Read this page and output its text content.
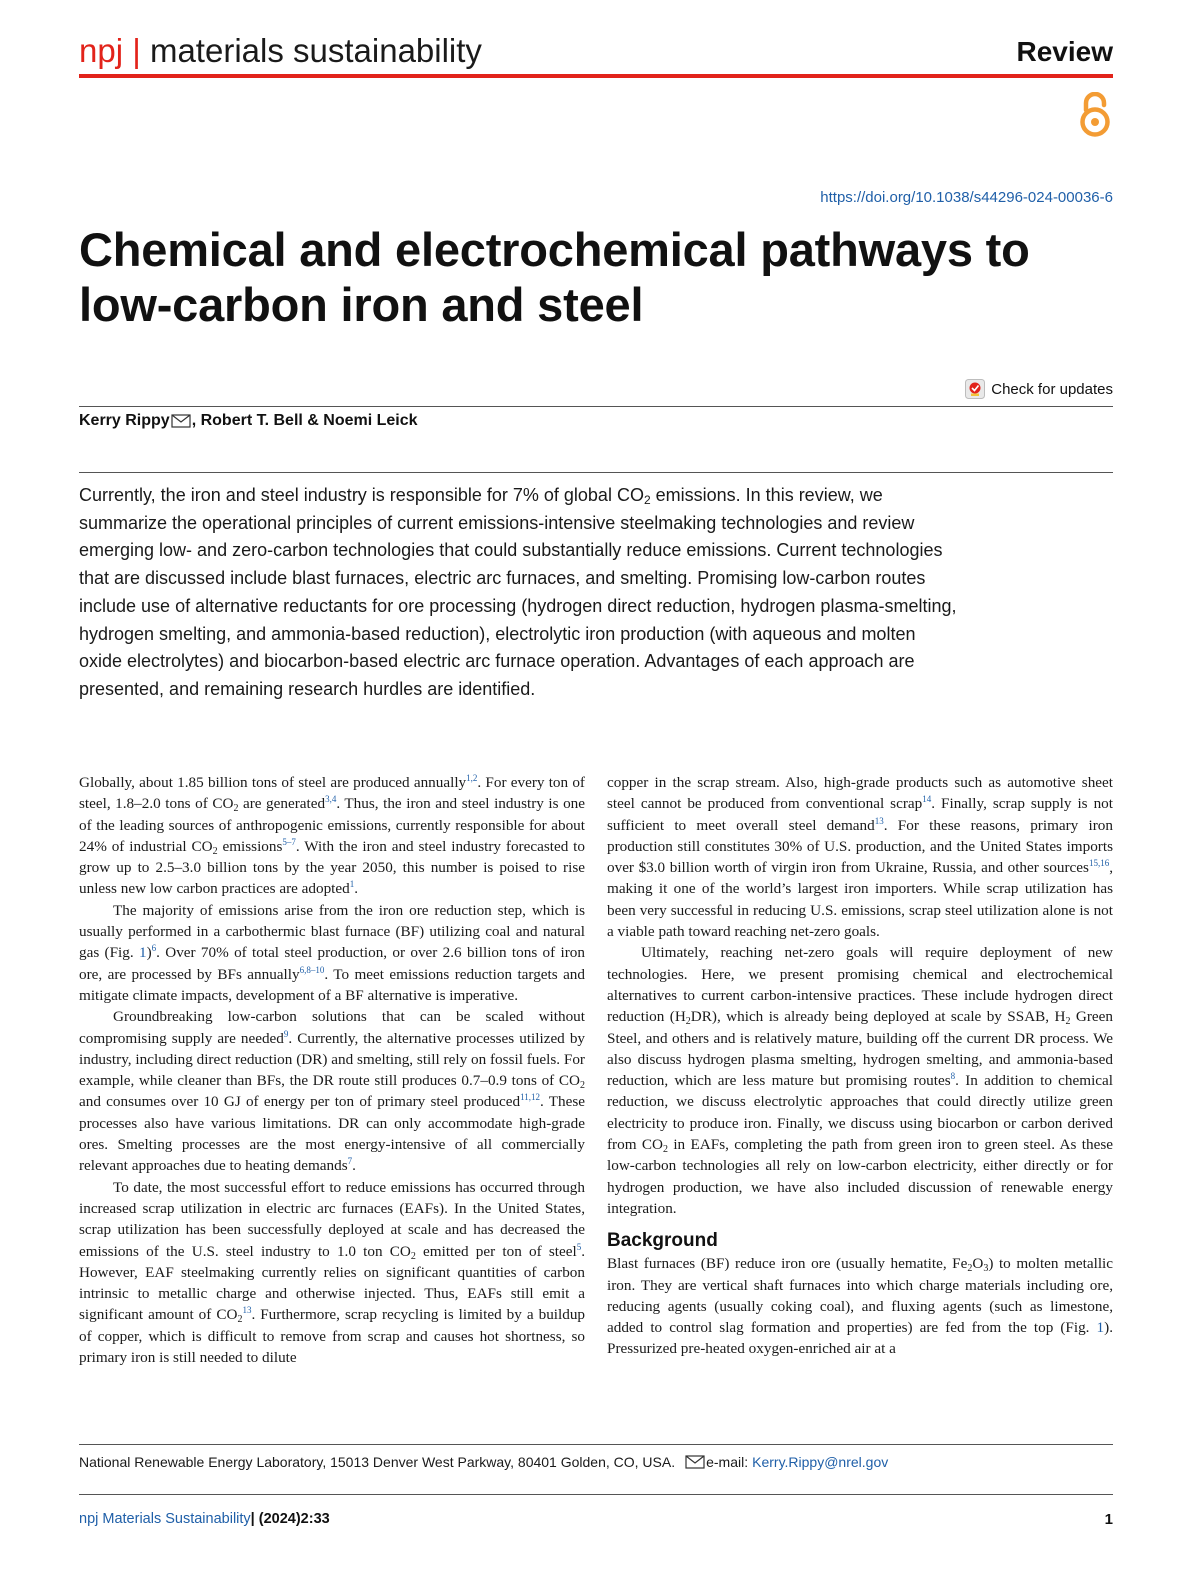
npj | materials sustainability	Review
https://doi.org/10.1038/s44296-024-00036-6
Chemical and electrochemical pathways to low-carbon iron and steel
Check for updates
Kerry Rippy , Robert T. Bell & Noemi Leick

Currently, the iron and steel industry is responsible for 7% of global $CO_2$ emissions. In this review, we summarize the operational principles of current emissions-intensive steelmaking technologies and review emerging low- and zero-carbon technologies that could substantially reduce emissions. Current technologies that are discussed include blast furnaces, electric arc furnaces, and smelting. Promising low-carbon routes include use of alternative reductants for ore processing (hydrogen direct reduction, hydrogen plasma-smelting, hydrogen smelting, and ammonia-based reduction), electrolytic iron production (with aqueous and molten oxide electrolytes) and biocarbon-based electric arc furnace operation. Advantages of each approach are presented, and remaining research hurdles are identified.

Globally, about 1.85 billion tons of steel are produced annually$^{1,2}$. For every ton of steel, 1.8–2.0 tons of $CO_2$ are generated$^{3,4}$. Thus, the iron and steel industry is one of the leading sources of anthropogenic emissions, currently responsible for about 24% of industrial $CO_2$ emissions$^{5-7}$. With the iron and steel industry forecasted to grow up to 2.5–3.0 billion tons by the year 2050, this number is poised to rise unless new low carbon practices are adopted$^1$.

The majority of emissions arise from the iron ore reduction step, which is usually performed in a carbothermic blast furnace (BF) utilizing coal and natural gas (Fig. 1)$^6$. Over 70% of total steel production, or over 2.6 billion tons of iron ore, are processed by BFs annually$^{6,8-10}$. To meet emissions reduction targets and mitigate climate impacts, development of a BF alternative is imperative.

Groundbreaking low-carbon solutions that can be scaled without compromising supply are needed$^9$. Currently, the alternative processes utilized by industry, including direct reduction (DR) and smelting, still rely on fossil fuels. For example, while cleaner than BFs, the DR route still produces 0.7–0.9 tons of $CO_2$ and consumes over 10 GJ of energy per ton of primary steel produced$^{11,12}$. These processes also have various limitations. DR can only accommodate high-grade ores. Smelting processes are the most energy-intensive of all commercially relevant approaches due to heating demands$^7$.

To date, the most successful effort to reduce emissions has occurred through increased scrap utilization in electric arc furnaces (EAFs). In the United States, scrap utilization has been successfully deployed at scale and has decreased the emissions of the U.S. steel industry to 1.0 ton $CO_2$ emitted per ton of steel$^5$. However, EAF steelmaking currently relies on significant quantities of carbon intrinsic to metallic charge and otherwise injected. Thus, EAFs still emit a significant amount of $CO_2^{13}$. Furthermore, scrap recycling is limited by a buildup of copper, which is difficult to remove from scrap and causes hot shortness, so primary iron is still needed to dilute

copper in the scrap stream. Also, high-grade products such as automotive sheet steel cannot be produced from conventional scrap$^{14}$. Finally, scrap supply is not sufficient to meet overall steel demand$^{13}$. For these reasons, primary iron production still constitutes 30% of U.S. production, and the United States imports over $3.0 billion worth of virgin iron from Ukraine, Russia, and other sources$^{15,16}$, making it one of the world’s largest iron importers. While scrap utilization has been very successful in reducing U.S. emissions, scrap steel utilization alone is not a viable path toward reaching net-zero goals.

Ultimately, reaching net-zero goals will require deployment of new technologies. Here, we present promising chemical and electrochemical alternatives to current carbon-intensive practices. These include hydrogen direct reduction $(H_2DR)$, which is already being deployed at scale by SSAB, $H_2$ Green Steel, and others and is relatively mature, building off the current DR process. We also discuss hydrogen plasma smelting, hydrogen smelting, and ammonia-based reduction, which are less mature but promising routes$^8$. In addition to chemical reduction, we discuss electrolytic approaches that could directly utilize green electricity to produce iron. Finally, we discuss using biocarbon or carbon derived from $CO_2$ in EAFs, completing the path from green iron to green steel. As these low-carbon technologies all rely on low-carbon electricity, either directly or for hydrogen production, we have also included discussion of renewable energy integration.

Background

Blast furnaces (BF) reduce iron ore (usually hematite, $Fe_2O_3$) to molten metallic iron. They are vertical shaft furnaces into which charge materials including ore, reducing agents (usually coking coal), and fluxing agents (such as limestone, added to control slag formation and properties) are fed from the top (Fig. 1). Pressurized pre-heated oxygen-enriched air at a

National Renewable Energy Laboratory, 15013 Denver West Parkway, 80401 Golden, CO, USA. e-mail: Kerry.Rippy@nrel.gov
npj Materials Sustainability| (2024)2:33	1
